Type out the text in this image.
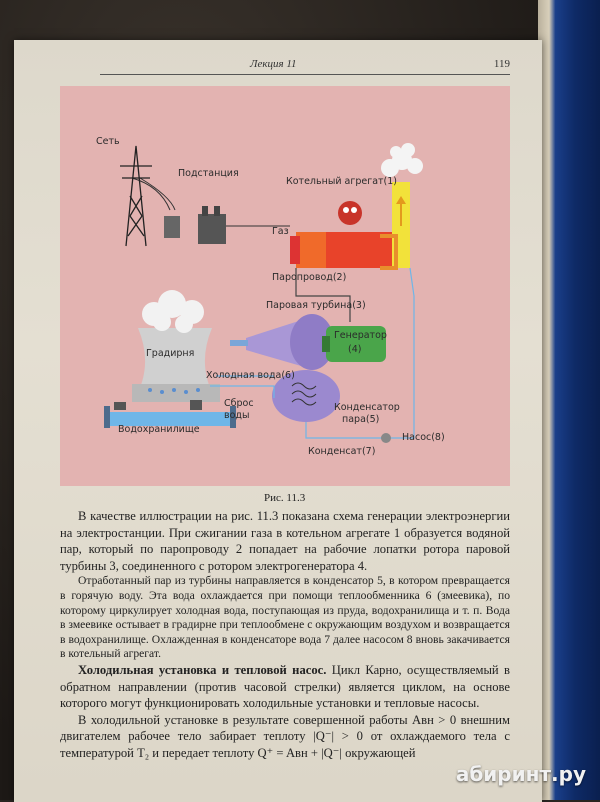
Лекция 11	119
Сеть
Подстанция
Котельный агрегат(1)
Газ
Паропровод(2)
Паровая турбина(3)
Генератор
(4)
Градирня
Холодная вода(6)
Сброс
воды
Водохранилище
Конденсатор
пара(5)
Насос(8)
Конденсат(7)
Рис. 11.3

В качестве иллюстрации на рис. 11.3 показана схема генерации электроэнергии на электростанции. При сжигании газа в котельном агрегате 1 образуется водяной пар, который по паропроводу 2 попадает на рабочие лопатки ротора паровой турбины 3, соединенного с ротором электрогенератора 4.

Отработанный пар из турбины направляется в конденсатор 5, в котором превращается в горячую воду. Эта вода охлаждается при помощи теплообменника 6 (змеевика), по которому циркулирует холодная вода, поступающая из пруда, водохранилища и т. п. Вода в змеевике остывает в градирне при теплообмене с окружающим воздухом и возвращается в водохранилище. Охлажденная в конденсаторе вода 7 далее насосом 8 вновь закачивается в котельный агрегат.

Холодильная установка и тепловой насос. Цикл Карно, осуществляемый в обратном направлении (против часовой стрелки) является циклом, на основе которого могут функционировать холодильные установки и тепловые насосы.

В холодильной установке в результате совершенной работы Aвн > 0 внешним двигателем рабочее тело забирает теплоту |Q⁻| > 0 от охлаждаемого тела с температурой T₂ и передает теплоту Q⁺ = Aвн + |Q⁻| окружающей

абиринт.ру
